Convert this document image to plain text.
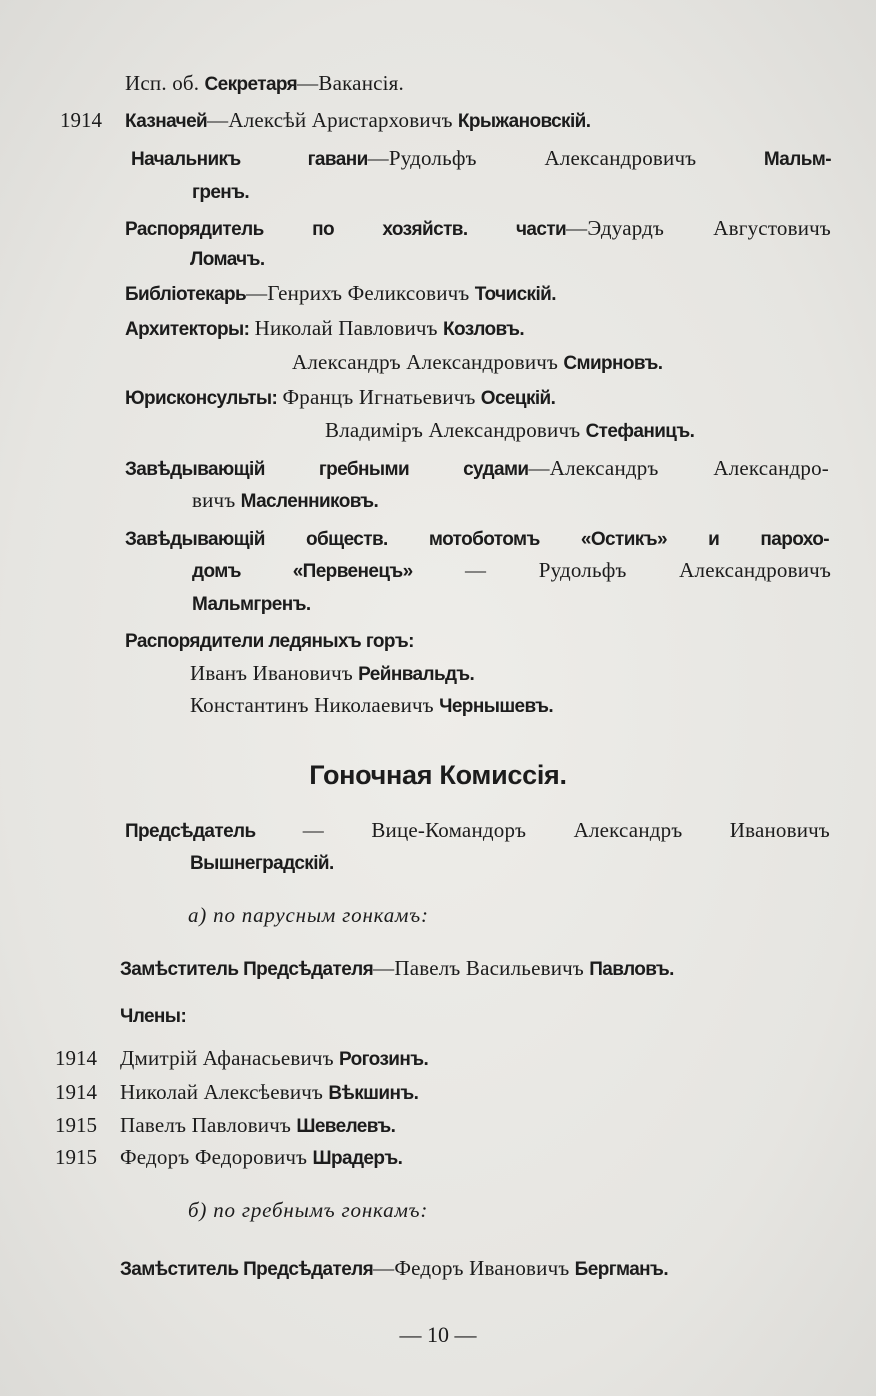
Исп. об. Секретаря—Вакансія.
1914 Казначей—Алексѣй Аристарховичъ Крыжановскій.
Начальникъ гавани—Рудольфъ Александровичъ	Мальм-
гренъ.
Распорядитель по хозяйств. части—Эдуардъ Августовичъ
Ломачъ.
Библіотекарь—Генрихъ Феликсовичъ Точискій.
Архитекторы: Николай Павловичъ Козловъ.
Александръ Александровичъ Смирновъ.
Юрисконсульты: Францъ Игнатьевичъ Осецкій.
Владиміръ Александровичъ Стефаницъ.
Завѣдывающій гребными судами—Александръ Александро-
вичъ Масленниковъ.
Завѣдывающій обществ. мотоботомъ «Остикъ» и парохо-
домъ «Первенецъ» — Рудольфъ Александровичъ
Мальмгренъ.
Распорядители ледяныхъ горъ:
Иванъ Ивановичъ Рейнвальдъ.
Константинъ Николаевичъ Чернышевъ.
Гоночная Комиссія.
Предсѣдатель — Вице-Командоръ Александръ Ивановичъ
Вышнеградскій.
а) по парусным гонкамъ:
Замѣститель Предсѣдателя—Павелъ Васильевичъ Павловъ.
Члены:
1914 Дмитрій Афанасьевичъ Рогозинъ.
1914 Николай Алексѣевичъ Вѣкшинъ.
1915 Павелъ Павловичъ Шевелевъ.
1915 Федоръ Федоровичъ Шрадеръ.
б) по гребнымъ гонкамъ:
Замѣститель Предсѣдателя—Федоръ Ивановичъ Бергманъ.
— 10 —
